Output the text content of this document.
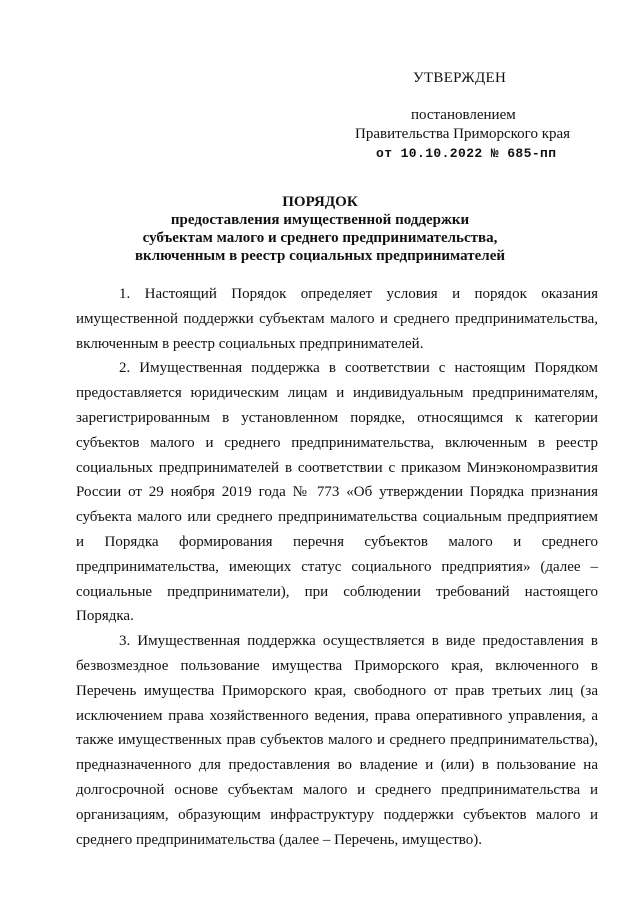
УТВЕРЖДЕН
постановлением
Правительства Приморского края
от 10.10.2022 № 685-пп
ПОРЯДОК
предоставления имущественной поддержки
субъектам малого и среднего предпринимательства,
включенным в реестр социальных предпринимателей

1. Настоящий Порядок определяет условия и порядок оказания имущественной поддержки субъектам малого и среднего предпринимательства, включенным в реестр социальных предпринимателей.

2. Имущественная поддержка в соответствии с настоящим Порядком предоставляется юридическим лицам и индивидуальным предпринимателям, зарегистрированным в установленном порядке, относящимся к категории субъектов малого и среднего предпринимательства, включенным в реестр социальных предпринимателей в соответствии с приказом Минэкономразвития России от 29 ноября 2019 года № 773 «Об утверждении Порядка признания субъекта малого или среднего предпринимательства социальным предприятием и Порядка формирования перечня субъектов малого и среднего предпринимательства, имеющих статус социального предприятия» (далее – социальные предприниматели), при соблюдении требований настоящего Порядка.

3. Имущественная поддержка осуществляется в виде предоставления в безвозмездное пользование имущества Приморского края, включенного в Перечень имущества Приморского края, свободного от прав третьих лиц (за исключением права хозяйственного ведения, права оперативного управления, а также имущественных прав субъектов малого и среднего предпринимательства), предназначенного для предоставления во владение и (или) в пользование на долгосрочной основе субъектам малого и среднего предпринимательства и организациям, образующим инфраструктуру поддержки субъектов малого и среднего предпринимательства (далее – Перечень, имущество).
